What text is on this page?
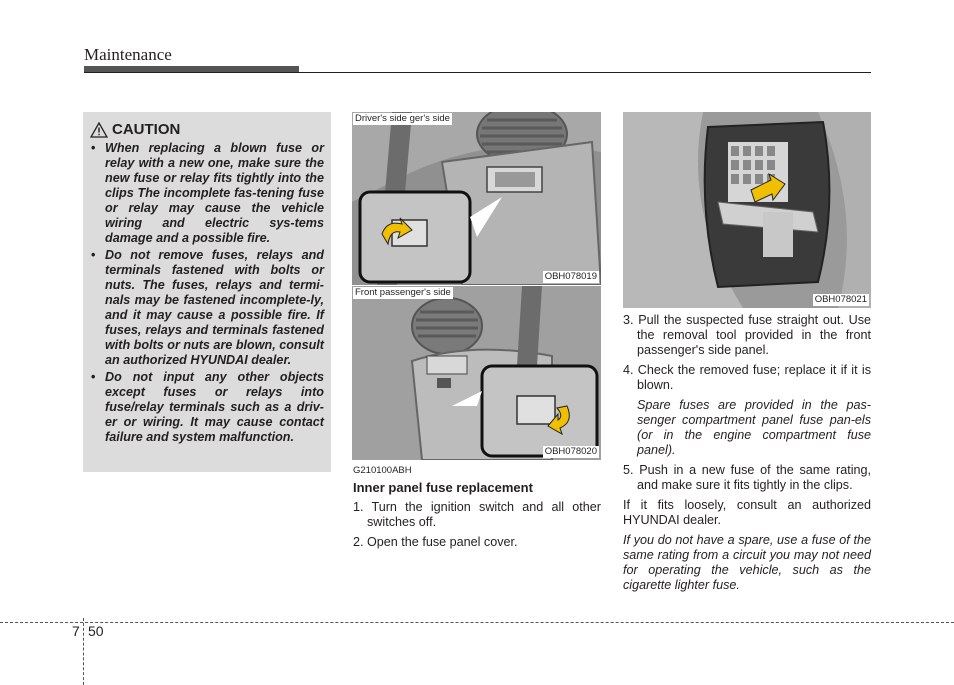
Maintenance
CAUTION
• When replacing a blown fuse or relay with a new one, make sure the new fuse or relay fits tightly into the clips The incomplete fas-tening fuse or relay may cause the vehicle wiring and electric sys-tems damage and a possible fire.
• Do not remove fuses, relays and terminals fastened with bolts or nuts. The fuses, relays and termi-nals may be fastened incomplete-ly, and it may cause a possible fire. If fuses, relays and terminals fastened with bolts or nuts are blown, consult an authorized HYUNDAI dealer.
• Do not input any other objects except fuses or relays into fuse/relay terminals such as a driv-er or wiring. It may cause contact failure and system malfunction.
Driver's side ger's side
OBH078019
Front passenger's side
OBH078020
OBH078021
G210100ABH
Inner panel fuse replacement
1. Turn the ignition switch and all other switches off.
2. Open the fuse panel cover.
3. Pull the suspected fuse straight out. Use the removal tool provided in the front passenger's side panel.
4. Check the removed fuse; replace it if it is blown.
Spare fuses are provided in the pas-senger compartment panel fuse pan-els (or in the engine compartment fuse panel).
5. Push in a new fuse of the same rating, and make sure it fits tightly in the clips.
If it fits loosely, consult an authorized HYUNDAI dealer.
If you do not have a spare, use a fuse of the same rating from a circuit you may not need for operating the vehicle, such as the cigarette lighter fuse.
7 50
